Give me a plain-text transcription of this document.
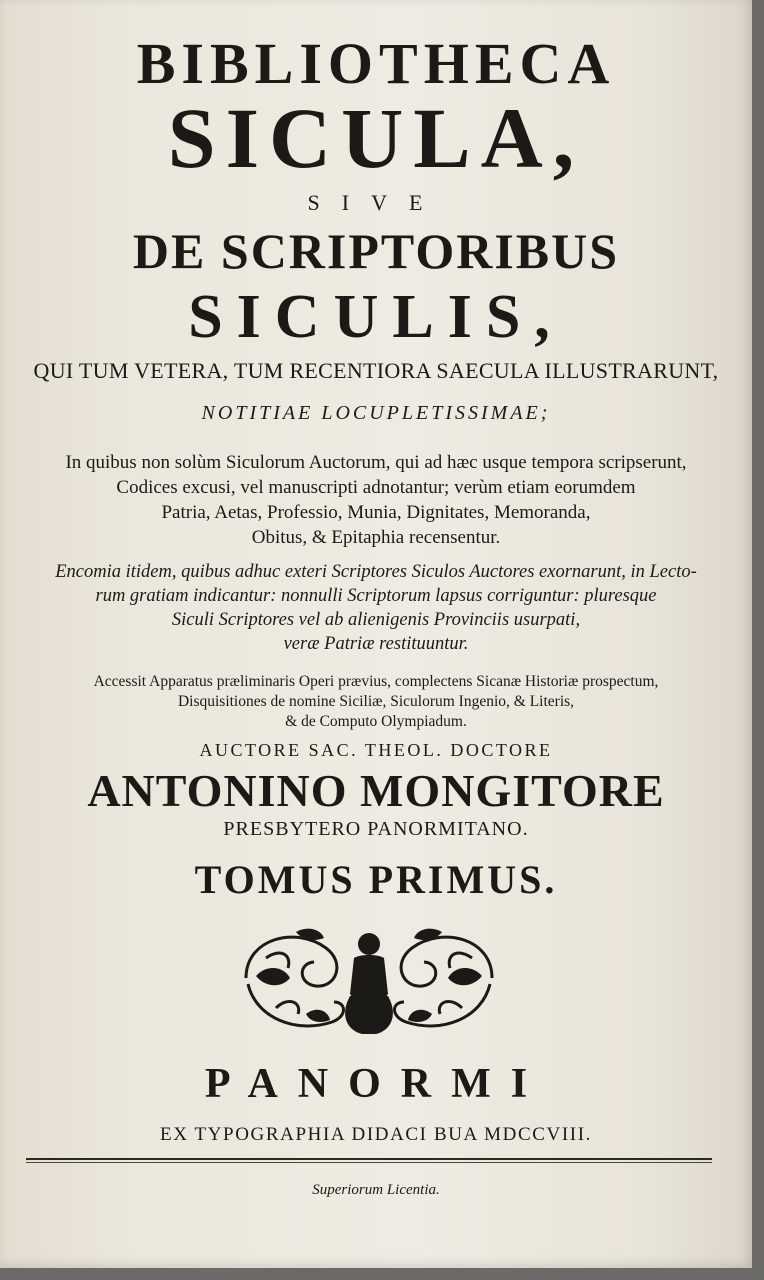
BIBLIOTHECA
SICULA,
SIVE
DE SCRIPTORIBUS
SICULIS,
QUI TUM VETERA, TUM RECENTIORA SAECULA ILLUSTRARUNT,
NOTITIAE LOCUPLETISSIMAE;
In quibus non solùm Siculorum Auctorum, qui ad hæc usque tempora scripserunt,
Codices excusi, vel manuscripti adnotantur; verùm etiam eorumdem
Patria, Aetas, Professio, Munia, Dignitates, Memoranda,
Obitus, & Epitaphia recensentur.
Encomia itidem, quibus adhuc exteri Scriptores Siculos Auctores exornarunt, in Lecto-
rum gratiam indicantur: nonnulli Scriptorum lapsus corriguntur: pluresque
Siculi Scriptores vel ab alienigenis Provinciis usurpati,
veræ Patriæ restituuntur.
Accessit Apparatus præliminaris Operi prævius, complectens Sicanæ Historiæ prospectum,
Disquisitiones de nomine Siciliæ, Siculorum Ingenio, & Literis,
& de Computo Olympiadum.
AUCTORE SAC. THEOL. DOCTORE
ANTONINO MONGITORE
PRESBYTERO PANORMITANO.
TOMUS PRIMUS.
PANORMI
EX TYPOGRAPHIA DIDACI BUA MDCCVIII.
Superiorum Licentia.
